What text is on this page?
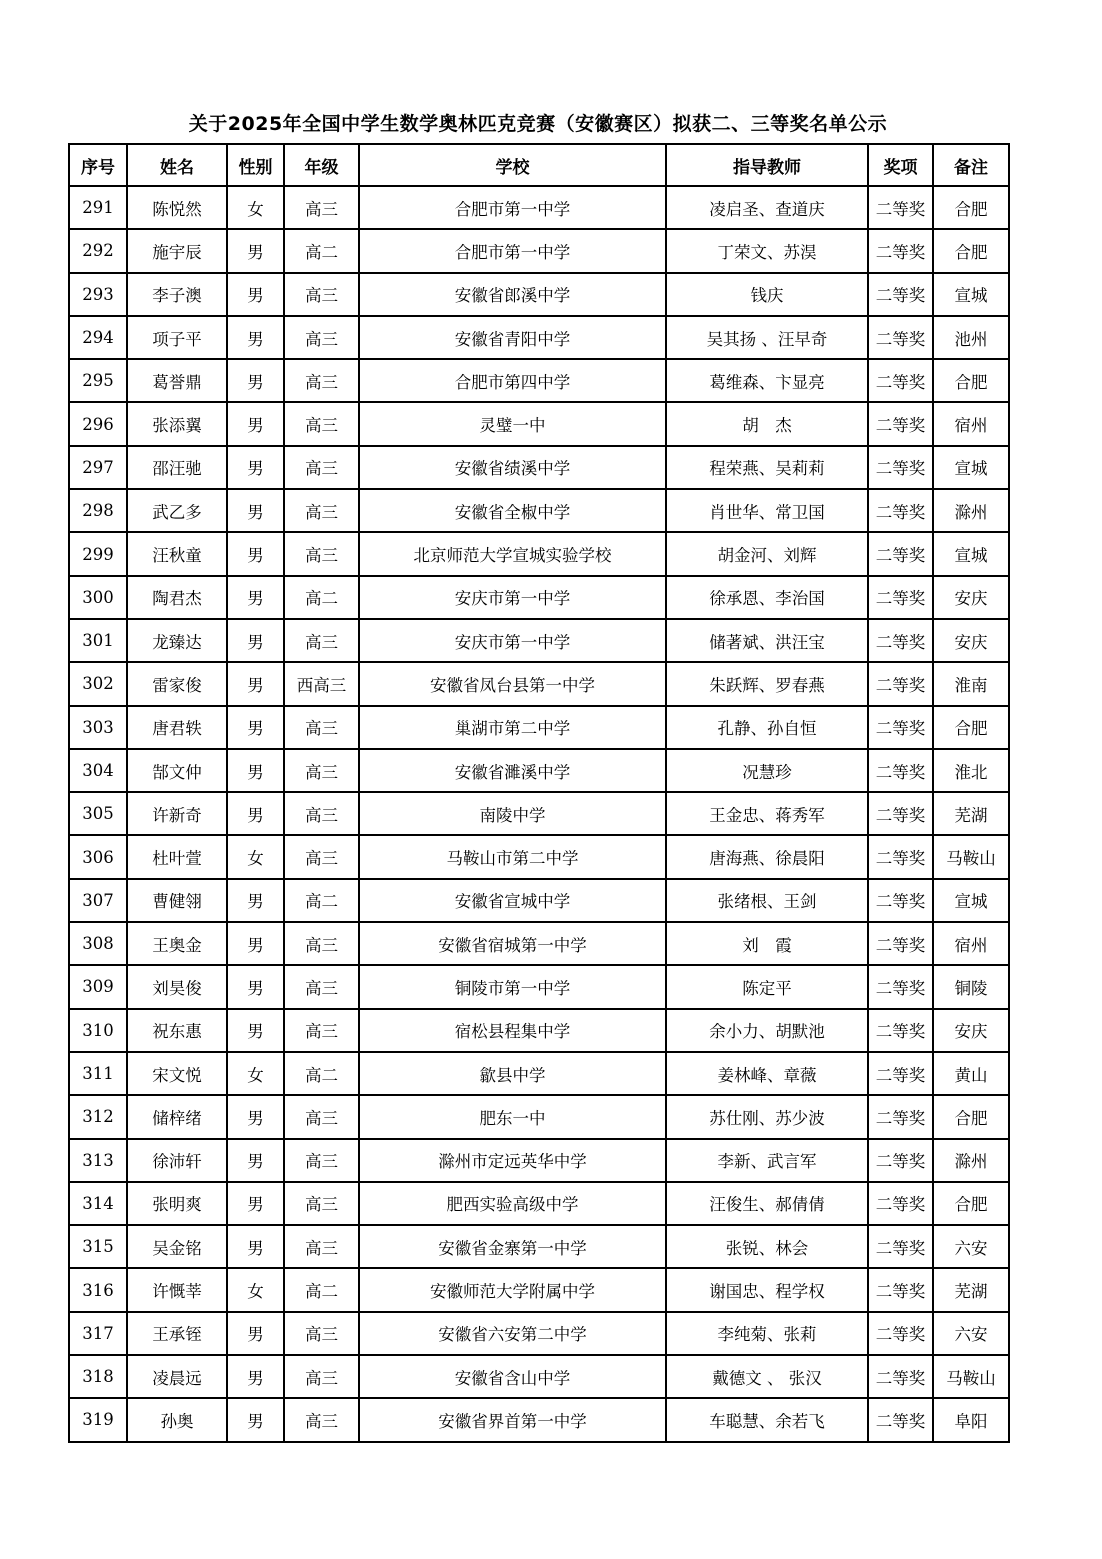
关于2025年全国中学生数学奥林匹克竞赛（安徽赛区）拟获二、三等奖名单公示
序号	姓名	性别	年级	学校	指导教师	奖项	备注
291	陈悦然	女	高三	合肥市第一中学	凌启圣、查道庆	二等奖	合肥
292	施宇辰	男	高二	合肥市第一中学	丁荣文、苏淏	二等奖	合肥
293	李子澳	男	高三	安徽省郎溪中学	钱庆	二等奖	宣城
294	项子平	男	高三	安徽省青阳中学	吴其扬 、汪早奇	二等奖	池州
295	葛誉鼎	男	高三	合肥市第四中学	葛维森、卞显亮	二等奖	合肥
296	张添翼	男	高三	灵璧一中	胡　杰	二等奖	宿州
297	邵汪驰	男	高三	安徽省绩溪中学	程荣燕、吴莉莉	二等奖	宣城
298	武乙多	男	高三	安徽省全椒中学	肖世华、常卫国	二等奖	滁州
299	汪秋童	男	高三	北京师范大学宣城实验学校	胡金河、刘辉	二等奖	宣城
300	陶君杰	男	高二	安庆市第一中学	徐承恩、李治国	二等奖	安庆
301	龙臻达	男	高三	安庆市第一中学	储著斌、洪汪宝	二等奖	安庆
302	雷家俊	男	西高三	安徽省凤台县第一中学	朱跃辉、罗春燕	二等奖	淮南
303	唐君轶	男	高三	巢湖市第二中学	孔静、孙自恒	二等奖	合肥
304	郜文仲	男	高三	安徽省濉溪中学	况慧珍	二等奖	淮北
305	许新奇	男	高三	南陵中学	王金忠、蒋秀军	二等奖	芜湖
306	杜叶萱	女	高三	马鞍山市第二中学	唐海燕、徐晨阳	二等奖	马鞍山
307	曹健翎	男	高二	安徽省宣城中学	张绪根、王剑	二等奖	宣城
308	王奥金	男	高三	安徽省宿城第一中学	刘　霞	二等奖	宿州
309	刘昊俊	男	高三	铜陵市第一中学	陈定平	二等奖	铜陵
310	祝东惠	男	高三	宿松县程集中学	余小力、胡默池	二等奖	安庆
311	宋文悦	女	高二	歙县中学	姜林峰、章薇	二等奖	黄山
312	储梓绪	男	高三	肥东一中	苏仕刚、苏少波	二等奖	合肥
313	徐沛轩	男	高三	滁州市定远英华中学	李新、武言军	二等奖	滁州
314	张明爽	男	高三	肥西实验高级中学	汪俊生、郝倩倩	二等奖	合肥
315	吴金铭	男	高三	安徽省金寨第一中学	张锐、林会	二等奖	六安
316	许慨莘	女	高二	安徽师范大学附属中学	谢国忠、程学权	二等奖	芜湖
317	王承铚	男	高三	安徽省六安第二中学	李纯菊、张莉	二等奖	六安
318	凌晨远	男	高三	安徽省含山中学	戴德文 、 张汉	二等奖	马鞍山
319	孙奥	男	高三	安徽省界首第一中学	车聪慧、余若飞	二等奖	阜阳
